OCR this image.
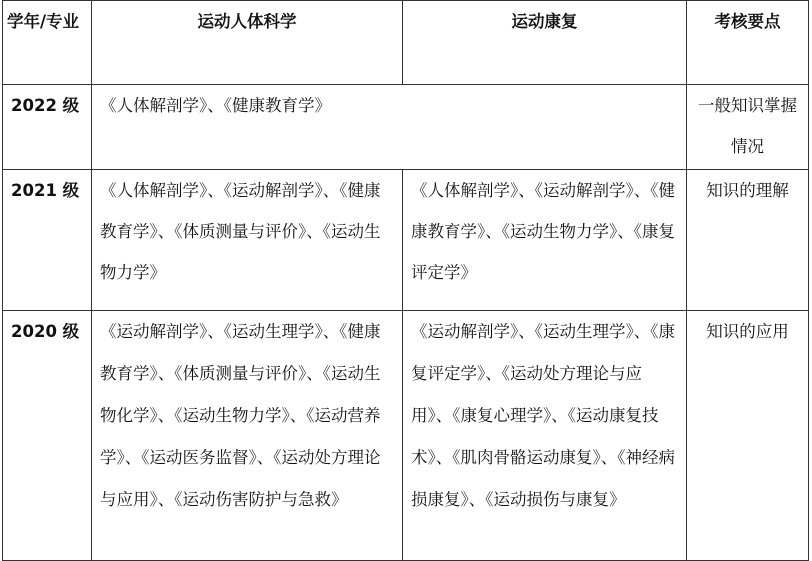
学年/专业	运动人体科学	运动康复	考核要点
2022 级	《人体解剖学》、《健康教育学》		一般知识掌握情况
2021 级	《人体解剖学》、《运动解剖学》、《健康教育学》、《体质测量与评价》、《运动生物力学》	《人体解剖学》、《运动解剖学》、《健康教育学》、《运动生物力学》、《康复评定学》	知识的理解
2020 级	《运动解剖学》、《运动生理学》、《健康教育学》、《体质测量与评价》、《运动生物化学》、《运动生物力学》、《运动营养学》、《运动医务监督》、《运动处方理论与应用》、《运动伤害防护与急救》	《运动解剖学》、《运动生理学》、《康复评定学》、《运动处方理论与应用》、《康复心理学》、《运动康复技术》、《肌肉骨骼运动康复》、《神经病损康复》、《运动损伤与康复》	知识的应用
